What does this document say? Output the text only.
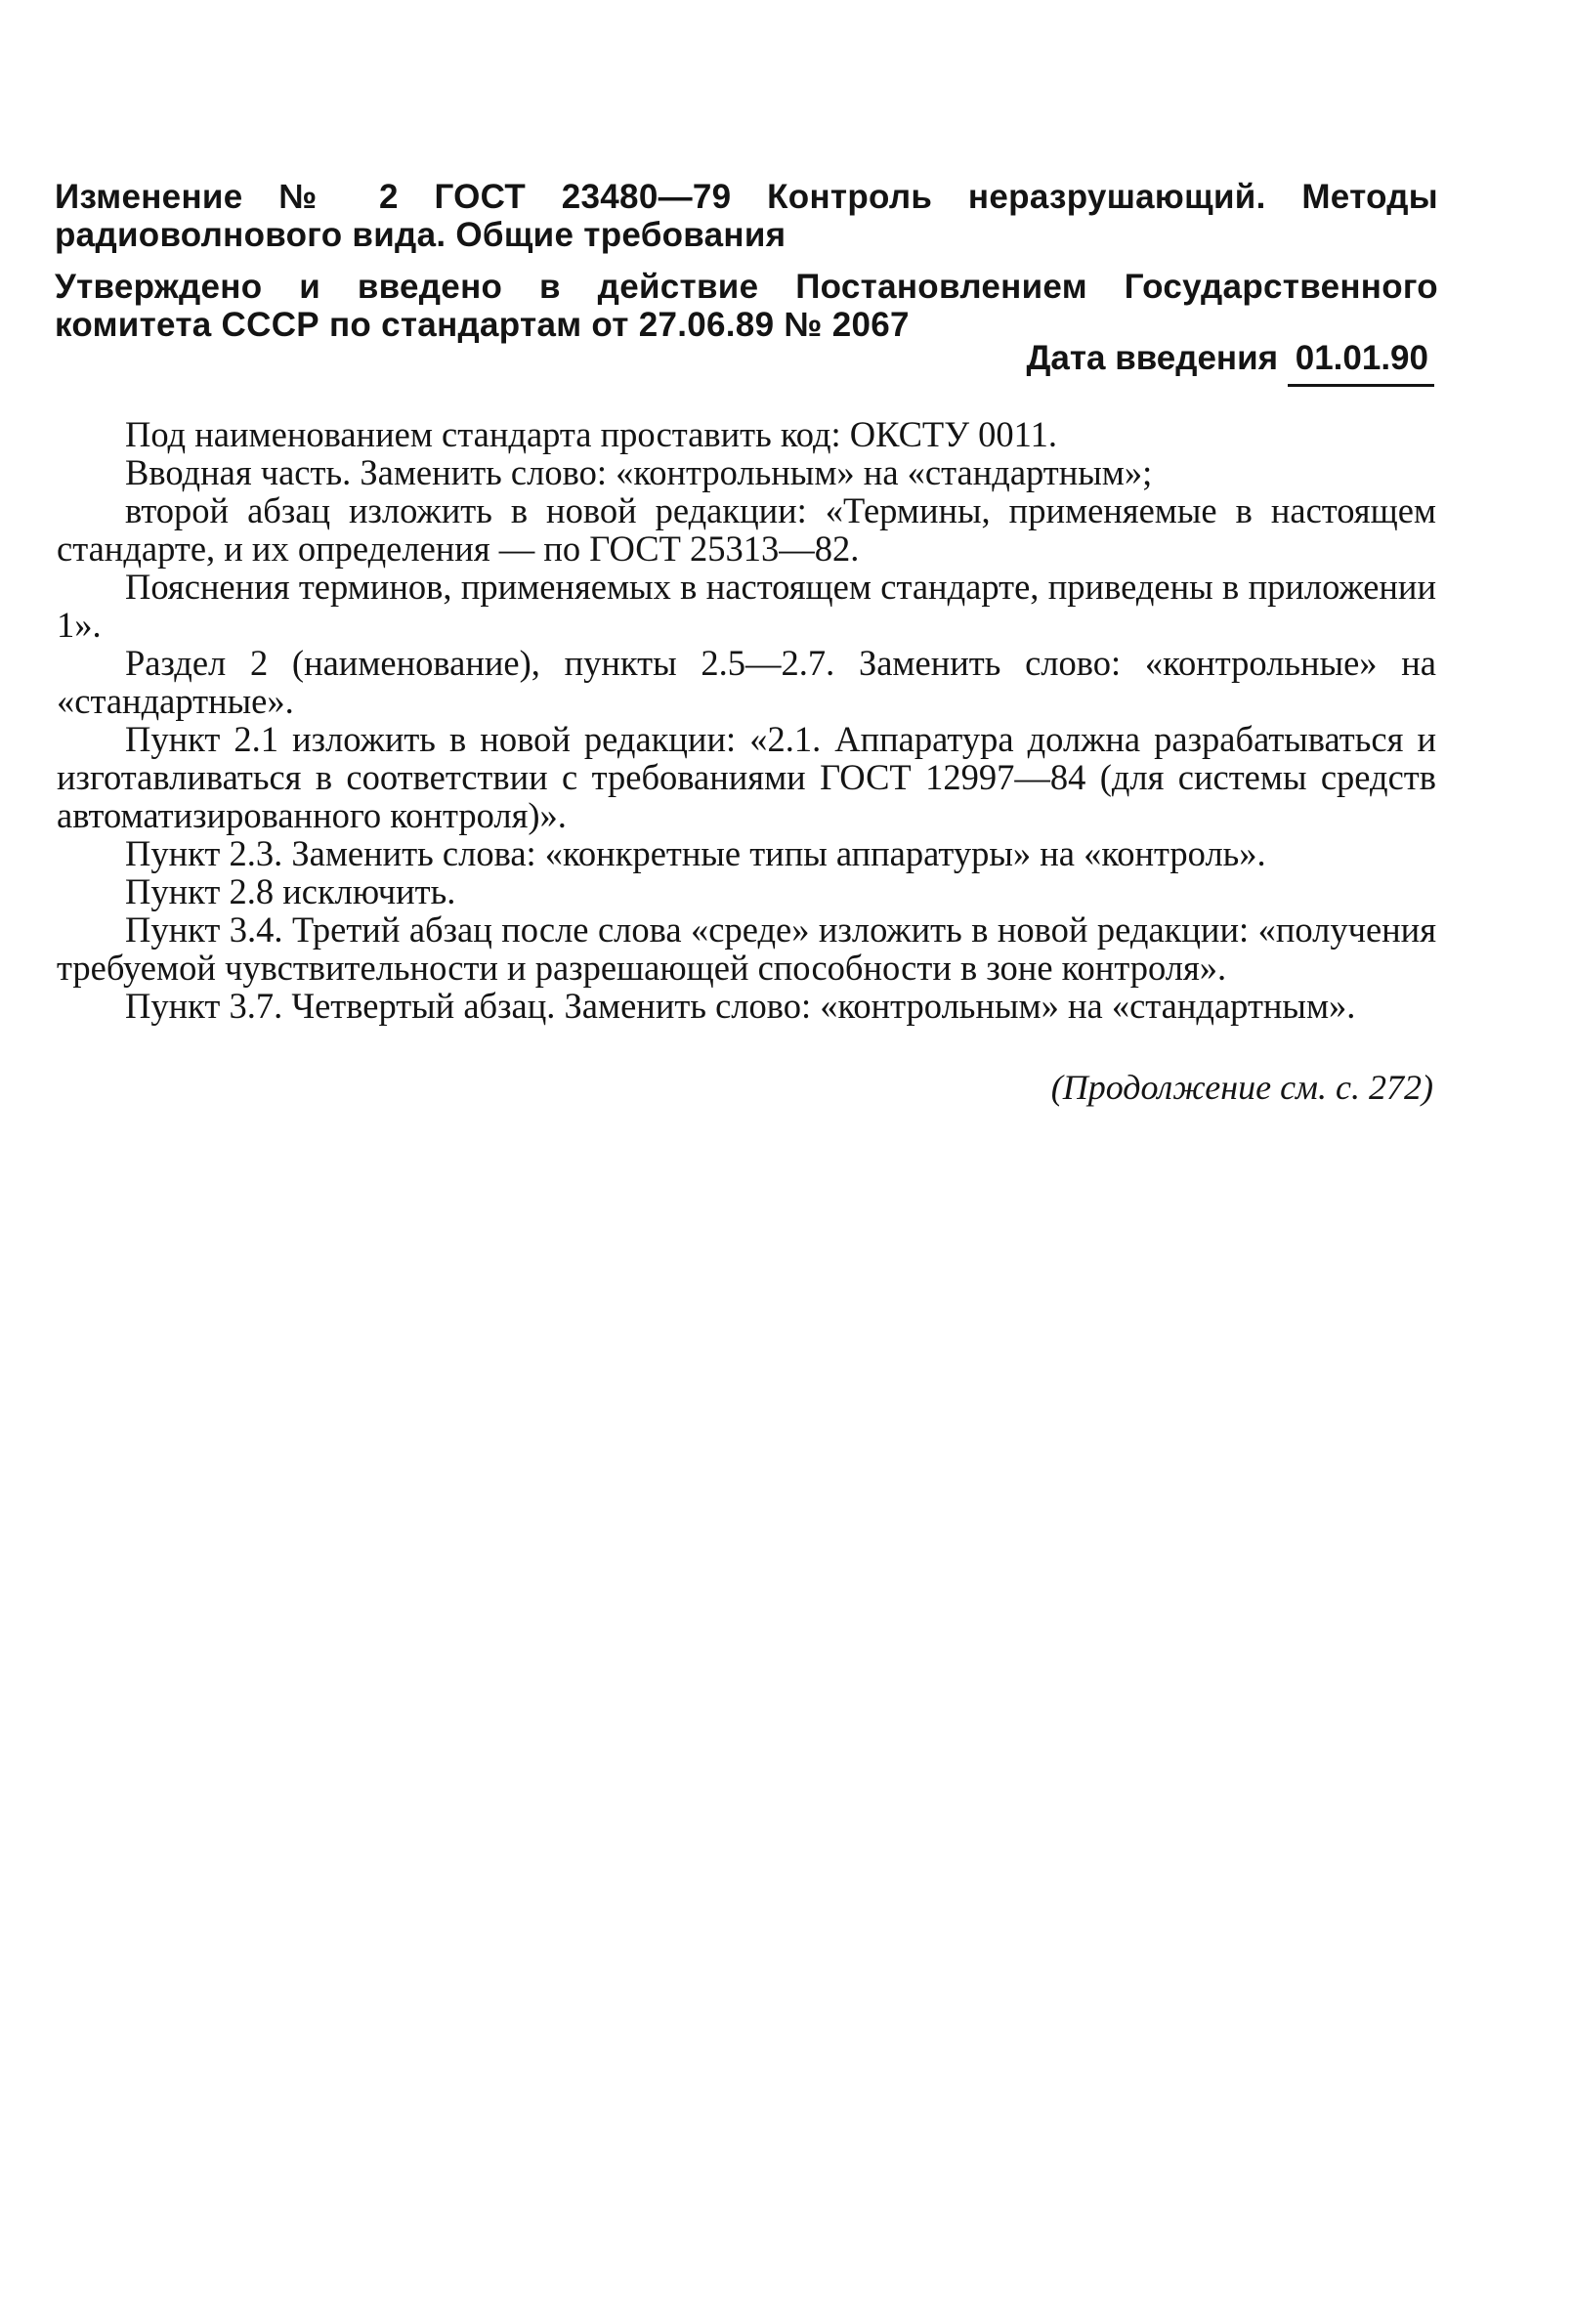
Изменение № 2 ГОСТ 23480—79 Контроль неразрушающий. Методы радиоволнового вида. Общие требования
Утверждено и введено в действие Постановлением Государственного комитета СССР по стандартам от 27.06.89 № 2067
Дата введения 01.01.90

Под наименованием стандарта проставить код: ОКСТУ 0011.

Вводная часть. Заменить слово: «контрольным» на «стандартным»;

второй абзац изложить в новой редакции: «Термины, применяемые в настоящем стандарте, и их определения — по ГОСТ 25313—82.

Пояснения терминов, применяемых в настоящем стандарте, приведены в приложении 1».

Раздел 2 (наименование), пункты 2.5—2.7. Заменить слово: «контрольные» на «стандартные».

Пункт 2.1 изложить в новой редакции: «2.1. Аппаратура должна разрабатываться и изготавливаться в соответствии с требованиями ГОСТ 12997—84 (для системы средств автоматизированного контроля)».

Пункт 2.3. Заменить слова: «конкретные типы аппаратуры» на «контроль».

Пункт 2.8 исключить.

Пункт 3.4. Третий абзац после слова «среде» изложить в новой редакции: «получения требуемой чувствительности и разрешающей способности в зоне контроля».

Пункт 3.7. Четвертый абзац. Заменить слово: «контрольным» на «стандартным».

(Продолжение см. с. 272)
